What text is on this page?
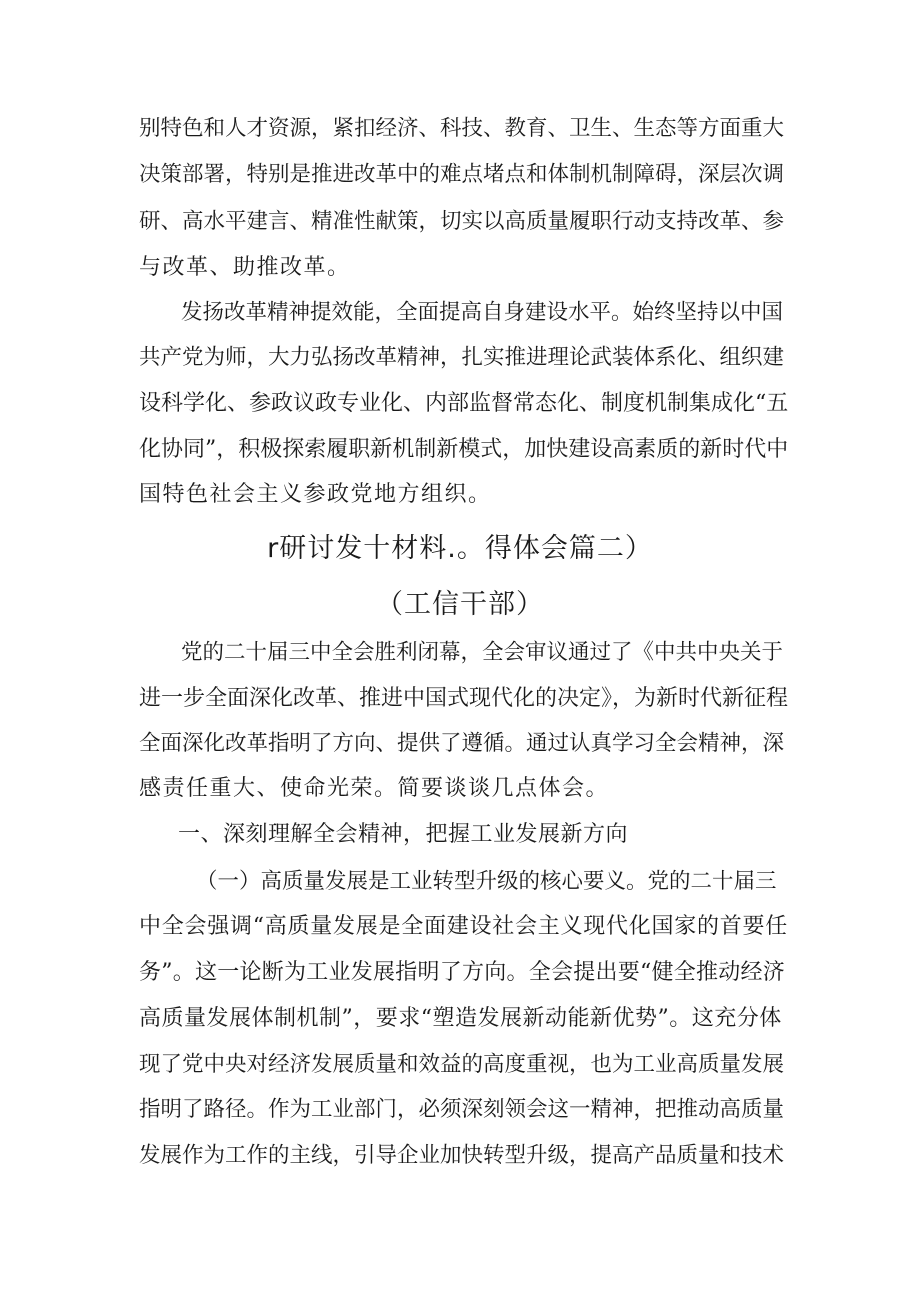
别特色和人才资源，紧扣经济、科技、教育、卫生、生态等方面重大
决策部署，特别是推进改革中的难点堵点和体制机制障碍，深层次调
研、高水平建言、精准性献策，切实以高质量履职行动支持改革、参
与改革、助推改革。
发扬改革精神提效能，全面提高自身建设水平。始终坚持以中国
共产党为师，大力弘扬改革精神，扎实推进理论武装体系化、组织建
设科学化、参政议政专业化、内部监督常态化、制度机制集成化“五
化协同”，积极探索履职新机制新模式，加快建设高素质的新时代中
国特色社会主义参政党地方组织。
r研讨发十材料.。得体会篇二）
（工信干部）
党的二十届三中全会胜利闭幕，全会审议通过了《中共中央关于
进一步全面深化改革、推进中国式现代化的决定》，为新时代新征程
全面深化改革指明了方向、提供了遵循。通过认真学习全会精神，深
感责任重大、使命光荣。简要谈谈几点体会。
一、深刻理解全会精神，把握工业发展新方向
（一）高质量发展是工业转型升级的核心要义。党的二十届三
中全会强调“高质量发展是全面建设社会主义现代化国家的首要任
务”。这一论断为工业发展指明了方向。全会提出要“健全推动经济
高质量发展体制机制”，要求“塑造发展新动能新优势”。这充分体
现了党中央对经济发展质量和效益的高度重视，也为工业高质量发展
指明了路径。作为工业部门，必须深刻领会这一精神，把推动高质量
发展作为工作的主线，引导企业加快转型升级，提高产品质量和技术
